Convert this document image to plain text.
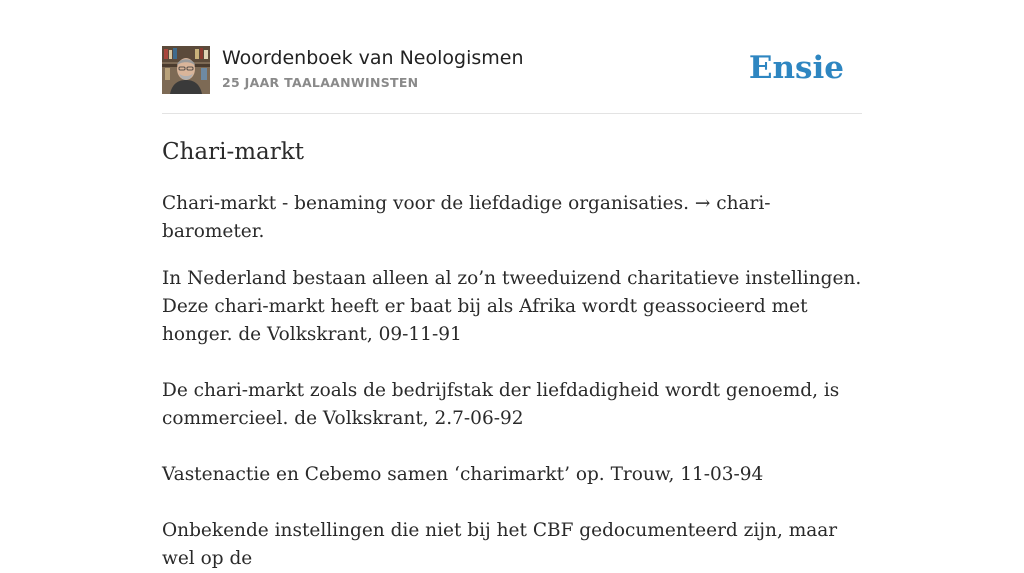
Woordenboek van Neologismen
25 JAAR TAALAANWINSTEN	Ensie
Chari-markt

Chari-markt - benaming voor de liefdadige organisaties. → chari-barometer.

In Nederland bestaan alleen al zo’n tweeduizend charitatieve instellingen. Deze chari-markt heeft er baat bij als Afrika wordt geassocieerd met honger. de Volkskrant, 09-11-91

De chari-markt zoals de bedrijfstak der liefdadigheid wordt genoemd, is commercieel. de Volkskrant, 2.7-06-92

Vastenactie en Cebemo samen ‘charimarkt’ op. Trouw, 11-03-94

Onbekende instellingen die niet bij het CBF gedocumenteerd zijn, maar wel op de
